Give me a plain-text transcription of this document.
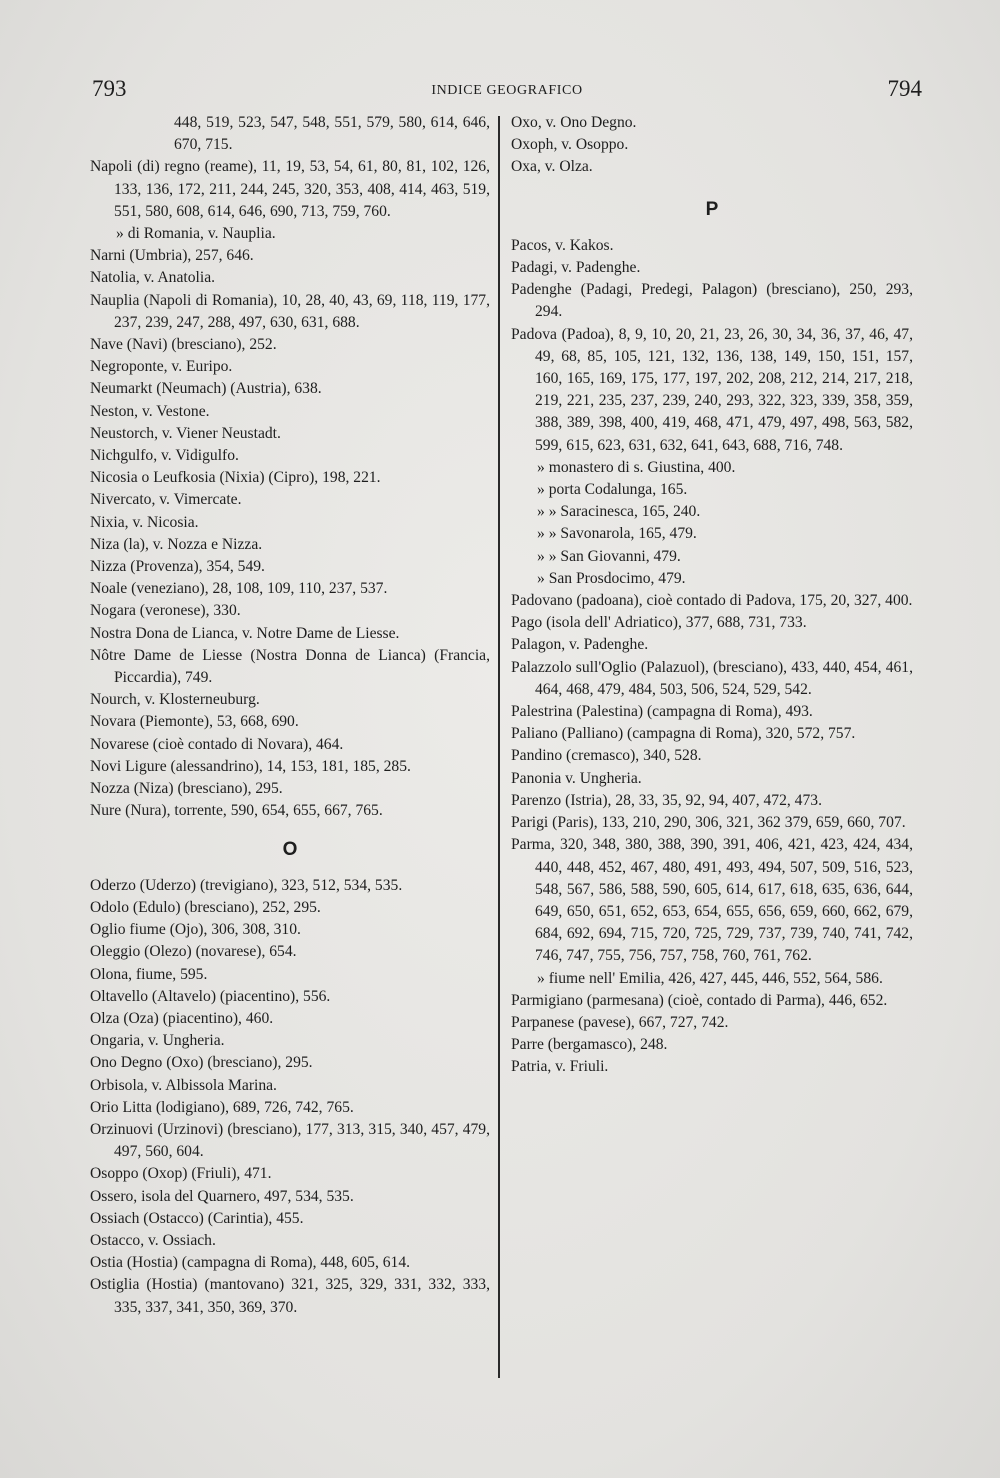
793	INDICE GEOGRAFICO	794
448, 519, 523, 547, 548, 551, 579, 580, 614, 646, 670, 715.
Napoli (di) regno (reame), 11, 19, 53, 54, 61, 80, 81, 102, 126, 133, 136, 172, 211, 244, 245, 320, 353, 408, 414, 463, 519, 551, 580, 608, 614, 646, 690, 713, 759, 760.
» di Romania, v. Nauplia.
Narni (Umbria), 257, 646.
Natolia, v. Anatolia.
Nauplia (Napoli di Romania), 10, 28, 40, 43, 69, 118, 119, 177, 237, 239, 247, 288, 497, 630, 631, 688.
Nave (Navi) (bresciano), 252.
Negroponte, v. Euripo.
Neumarkt (Neumach) (Austria), 638.
Neston, v. Vestone.
Neustorch, v. Viener Neustadt.
Nichgulfo, v. Vidigulfo.
Nicosia o Leufkosia (Nixia) (Cipro), 198, 221.
Nivercato, v. Vimercate.
Nixia, v. Nicosia.
Niza (la), v. Nozza e Nizza.
Nizza (Provenza), 354, 549.
Noale (veneziano), 28, 108, 109, 110, 237, 537.
Nogara (veronese), 330.
Nostra Dona de Lianca, v. Notre Dame de Liesse.
Nôtre Dame de Liesse (Nostra Donna de Lianca) (Francia, Piccardia), 749.
Nourch, v. Klosterneuburg.
Novara (Piemonte), 53, 668, 690.
Novarese (cioè contado di Novara), 464.
Novi Ligure (alessandrino), 14, 153, 181, 185, 285.
Nozza (Niza) (bresciano), 295.
Nure (Nura), torrente, 590, 654, 655, 667, 765.
O
Oderzo (Uderzo) (trevigiano), 323, 512, 534, 535.
Odolo (Edulo) (bresciano), 252, 295.
Oglio fiume (Ojo), 306, 308, 310.
Oleggio (Olezo) (novarese), 654.
Olona, fiume, 595.
Oltavello (Altavelo) (piacentino), 556.
Olza (Oza) (piacentino), 460.
Ongaria, v. Ungheria.
Ono Degno (Oxo) (bresciano), 295.
Orbisola, v. Albissola Marina.
Orio Litta (lodigiano), 689, 726, 742, 765.
Orzinuovi (Urzinovi) (bresciano), 177, 313, 315, 340, 457, 479, 497, 560, 604.
Osoppo (Oxop) (Friuli), 471.
Ossero, isola del Quarnero, 497, 534, 535.
Ossiach (Ostacco) (Carintia), 455.
Ostacco, v. Ossiach.
Ostia (Hostia) (campagna di Roma), 448, 605, 614.
Ostiglia (Hostia) (mantovano) 321, 325, 329, 331, 332, 333, 335, 337, 341, 350, 369, 370.
Oxo, v. Ono Degno.
Oxoph, v. Osoppo.
Oxa, v. Olza.
P
Pacos, v. Kakos.
Padagi, v. Padenghe.
Padenghe (Padagi, Predegi, Palagon) (bresciano), 250, 293, 294.
Padova (Padoa), 8, 9, 10, 20, 21, 23, 26, 30, 34, 36, 37, 46, 47, 49, 68, 85, 105, 121, 132, 136, 138, 149, 150, 151, 157, 160, 165, 169, 175, 177, 197, 202, 208, 212, 214, 217, 218, 219, 221, 235, 237, 239, 240, 293, 322, 323, 339, 358, 359, 388, 389, 398, 400, 419, 468, 471, 479, 497, 498, 563, 582, 599, 615, 623, 631, 632, 641, 643, 688, 716, 748.
» monastero di s. Giustina, 400.
» porta Codalunga, 165.
» » Saracinesca, 165, 240.
» » Savonarola, 165, 479.
» » San Giovanni, 479.
» San Prosdocimo, 479.
Padovano (padoana), cioè contado di Padova, 175, 20, 327, 400.
Pago (isola dell' Adriatico), 377, 688, 731, 733.
Palagon, v. Padenghe.
Palazzolo sull'Oglio (Palazuol), (bresciano), 433, 440, 454, 461, 464, 468, 479, 484, 503, 506, 524, 529, 542.
Palestrina (Palestina) (campagna di Roma), 493.
Paliano (Palliano) (campagna di Roma), 320, 572, 757.
Pandino (cremasco), 340, 528.
Panonia v. Ungheria.
Parenzo (Istria), 28, 33, 35, 92, 94, 407, 472, 473.
Parigi (Paris), 133, 210, 290, 306, 321, 362 379, 659, 660, 707.
Parma, 320, 348, 380, 388, 390, 391, 406, 421, 423, 424, 434, 440, 448, 452, 467, 480, 491, 493, 494, 507, 509, 516, 523, 548, 567, 586, 588, 590, 605, 614, 617, 618, 635, 636, 644, 649, 650, 651, 652, 653, 654, 655, 656, 659, 660, 662, 679, 684, 692, 694, 715, 720, 725, 729, 737, 739, 740, 741, 742, 746, 747, 755, 756, 757, 758, 760, 761, 762.
» fiume nell' Emilia, 426, 427, 445, 446, 552, 564, 586.
Parmigiano (parmesana) (cioè, contado di Parma), 446, 652.
Parpanese (pavese), 667, 727, 742.
Parre (bergamasco), 248.
Patria, v. Friuli.
